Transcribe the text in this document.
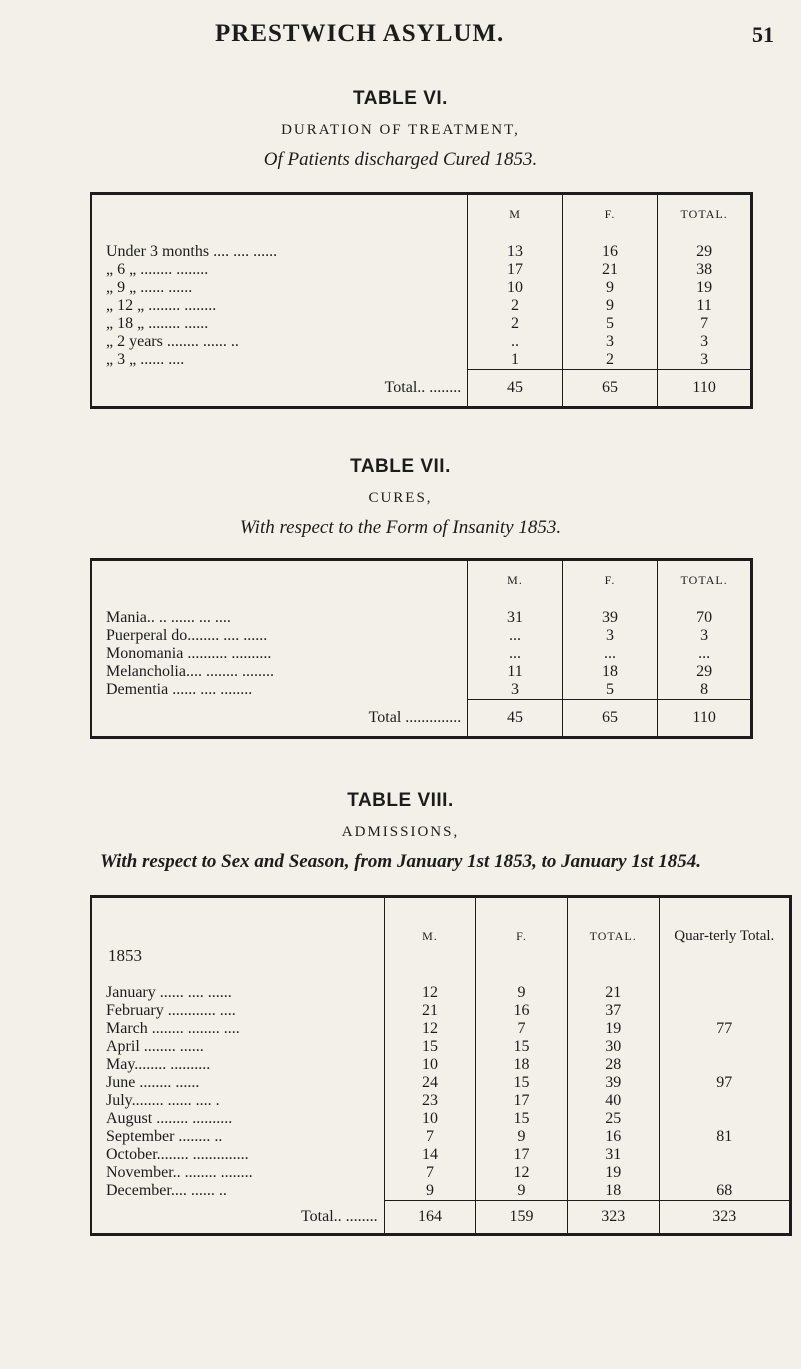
PRESTWICH ASYLUM.	51
TABLE VI.
DURATION OF TREATMENT,
Of Patients discharged Cured 1853.
	M	F.	TOTAL.
Under 3 months .... .... ......	13	16	29
„ 6 „ ........ ........	17	21	38
„ 9 „ ...... ......	10	9	19
„ 12 „ ........ ........	2	9	11
„ 18 „ ........ ......	2	5	7
„ 2 years ........ ...... ..	..	3	3
„ 3 „ ...... ....	1	2	3
Total.. ........	45	65	110
TABLE VII.
CURES,
With respect to the Form of Insanity 1853.
	M.	F.	TOTAL.
Mania.. .. ...... ... ....	31	39	70
Puerperal do........ .... ......	...	3	3
Monomania .......... ..........	...	...	...
Melancholia.... ........ ........	11	18	29
Dementia ...... .... ........	3	5	8
Total ..............	45	65	110
TABLE VIII.
ADMISSIONS,
With respect to Sex and Season, from January 1st 1853, to January 1st 1854.
1853	M.	F.	TOTAL.	Quar-terly Total.
January ...... .... ......	12	9	21	
February ............ ....	21	16	37	
March ........ ........ ....	12	7	19	77
April ........ ......	15	15	30	
May........ ..........	10	18	28	
June ........ ......	24	15	39	97
July........ ...... .... .	23	17	40	
August ........ ..........	10	15	25	
September ........ ..	7	9	16	81
October........ ..............	14	17	31	
November.. ........ ........	7	12	19	
December.... ...... ..	9	9	18	68
Total.. ........	164	159	323	323
